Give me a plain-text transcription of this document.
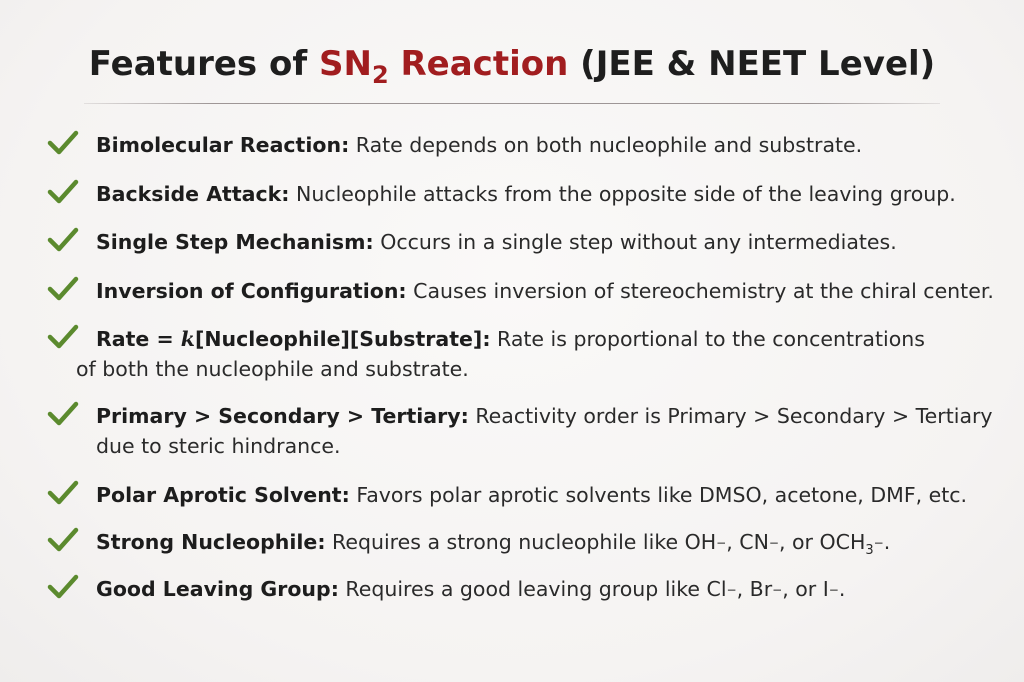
Features of $SN_2$ Reaction (JEE & NEET Level)
Bimolecular Reaction: Rate depends on both nucleophile and substrate.
Backside Attack: Nucleophile attacks from the opposite side of the leaving group.
Single Step Mechanism: Occurs in a single step without any intermediates.
Inversion of Configuration: Causes inversion of stereochemistry at the chiral center.
Rate = k[Nucleophile][Substrate]: Rate is proportional to the concentrations
of both the nucleophile and substrate.
Primary > Secondary > Tertiary: Reactivity order is Primary > Secondary > Tertiary
due to steric hindrance.
Polar Aprotic Solvent: Favors polar aprotic solvents like DMSO, acetone, DMF, etc.
Strong Nucleophile: Requires a strong nucleophile like OH−, CN−, or $OCH_3^-$.
Good Leaving Group: Requires a good leaving group like Cl−, Br−, or I−.
